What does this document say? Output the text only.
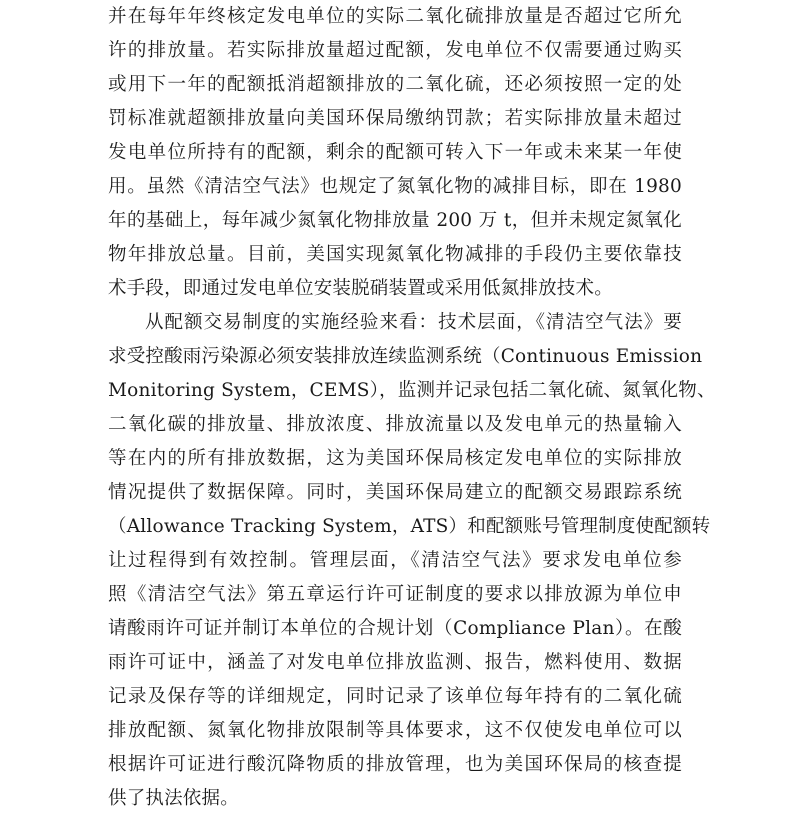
并在每年年终核定发电单位的实际二氧化硫排放量是否超过它所允
许的排放量。若实际排放量超过配额，发电单位不仅需要通过购买
或用下一年的配额抵消超额排放的二氧化硫，还必须按照一定的处
罚标准就超额排放量向美国环保局缴纳罚款；若实际排放量未超过
发电单位所持有的配额，剩余的配额可转入下一年或未来某一年使
用。虽然《清洁空气法》也规定了氮氧化物的减排目标，即在 1980
年的基础上，每年减少氮氧化物排放量 200 万 t，但并未规定氮氧化
物年排放总量。目前，美国实现氮氧化物减排的手段仍主要依靠技
术手段，即通过发电单位安装脱硝装置或采用低氮排放技术。
从配额交易制度的实施经验来看：技术层面，《清洁空气法》要
求受控酸雨污染源必须安装排放连续监测系统（Continuous Emission
Monitoring System，CEMS），监测并记录包括二氧化硫、氮氧化物、
二氧化碳的排放量、排放浓度、排放流量以及发电单元的热量输入
等在内的所有排放数据，这为美国环保局核定发电单位的实际排放
情况提供了数据保障。同时，美国环保局建立的配额交易跟踪系统
（Allowance Tracking System，ATS）和配额账号管理制度使配额转
让过程得到有效控制。管理层面，《清洁空气法》要求发电单位参
照《清洁空气法》第五章运行许可证制度的要求以排放源为单位申
请酸雨许可证并制订本单位的合规计划（Compliance Plan）。在酸
雨许可证中，涵盖了对发电单位排放监测、报告，燃料使用、数据
记录及保存等的详细规定，同时记录了该单位每年持有的二氧化硫
排放配额、氮氧化物排放限制等具体要求，这不仅使发电单位可以
根据许可证进行酸沉降物质的排放管理，也为美国环保局的核查提
供了执法依据。
